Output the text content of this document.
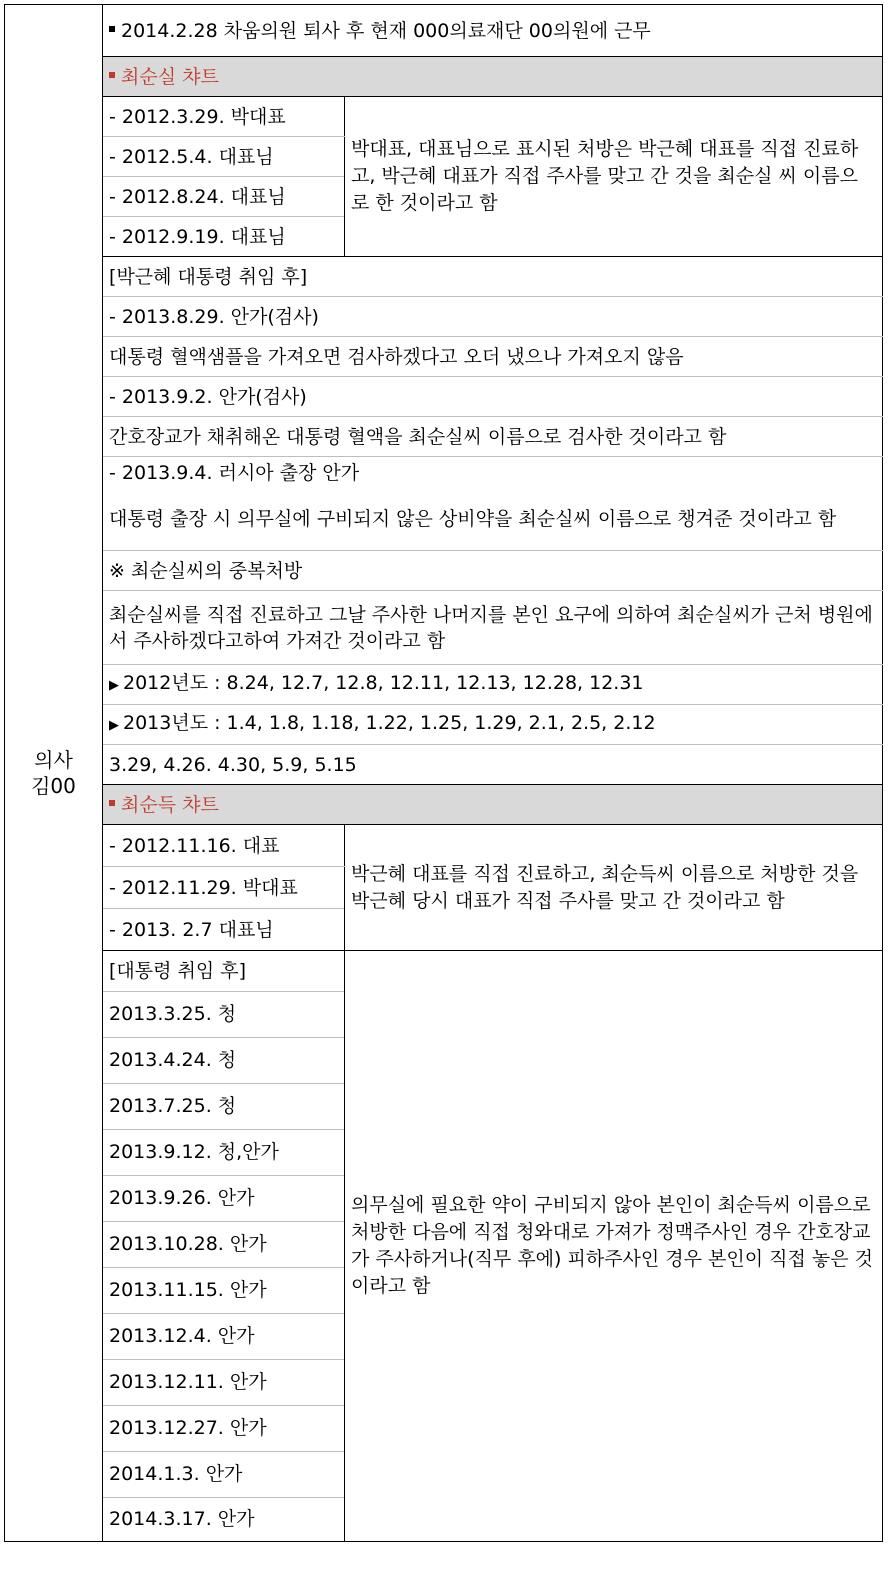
의사
김00
	2014.2.28 차움의원 퇴사 후 현재 000의료재단 00의원에 근무
최순실 챠트
- 2012.3.29. 박대표	박대표, 대표님으로 표시된 처방은 박근혜 대표를 직접 진료하고, 박근혜 대표가 직접 주사를 맞고 간 것을 최순실 씨 이름으로 한 것이라고 함
- 2012.5.4. 대표님
- 2012.8.24. 대표님
- 2012.9.19. 대표님
[박근혜 대통령 취임 후]
- 2013.8.29. 안가(검사)
대통령 혈액샘플을 가져오면 검사하겠다고 오더 냈으나 가져오지 않음
- 2013.9.2. 안가(검사)
간호장교가 채취해온 대통령 혈액을 최순실씨 이름으로 검사한 것이라고 함
- 2013.9.4. 러시아 출장 안가
대통령 출장 시 의무실에 구비되지 않은 상비약을 최순실씨 이름으로 챙겨준 것이라고 함
※ 최순실씨의 중복처방
최순실씨를 직접 진료하고 그날 주사한 나머지를 본인 요구에 의하여 최순실씨가 근처 병원에서 주사하겠다고하여 가져간 것이라고 함
▶ 2012년도 : 8.24, 12.7, 12.8, 12.11, 12.13, 12.28, 12.31
▶ 2013년도 : 1.4, 1.8, 1.18, 1.22, 1.25, 1.29, 2.1, 2.5, 2.12
3.29, 4.26. 4.30, 5.9, 5.15
최순득 챠트
- 2012.11.16. 대표	박근혜 대표를 직접 진료하고, 최순득씨 이름으로 처방한 것을 박근혜 당시 대표가 직접 주사를 맞고 간 것이라고 함
- 2012.11.29. 박대표
- 2013. 2.7 대표님

[대통령 취임 후]
2013.3.25. 청
2013.4.24. 청
2013.7.25. 청
2013.9.12. 청,안가
2013.9.26. 안가
2013.10.28. 안가
2013.11.15. 안가
2013.12.4. 안가
2013.12.11. 안가
2013.12.27. 안가
2014.1.3. 안가
2014.3.17. 안가
	의무실에 필요한 약이 구비되지 않아 본인이 최순득씨 이름으로 처방한 다음에 직접 청와대로 가져가 정맥주사인 경우 간호장교가 주사하거나(직무 후에) 피하주사인 경우 본인이 직접 놓은 것이라고 함
